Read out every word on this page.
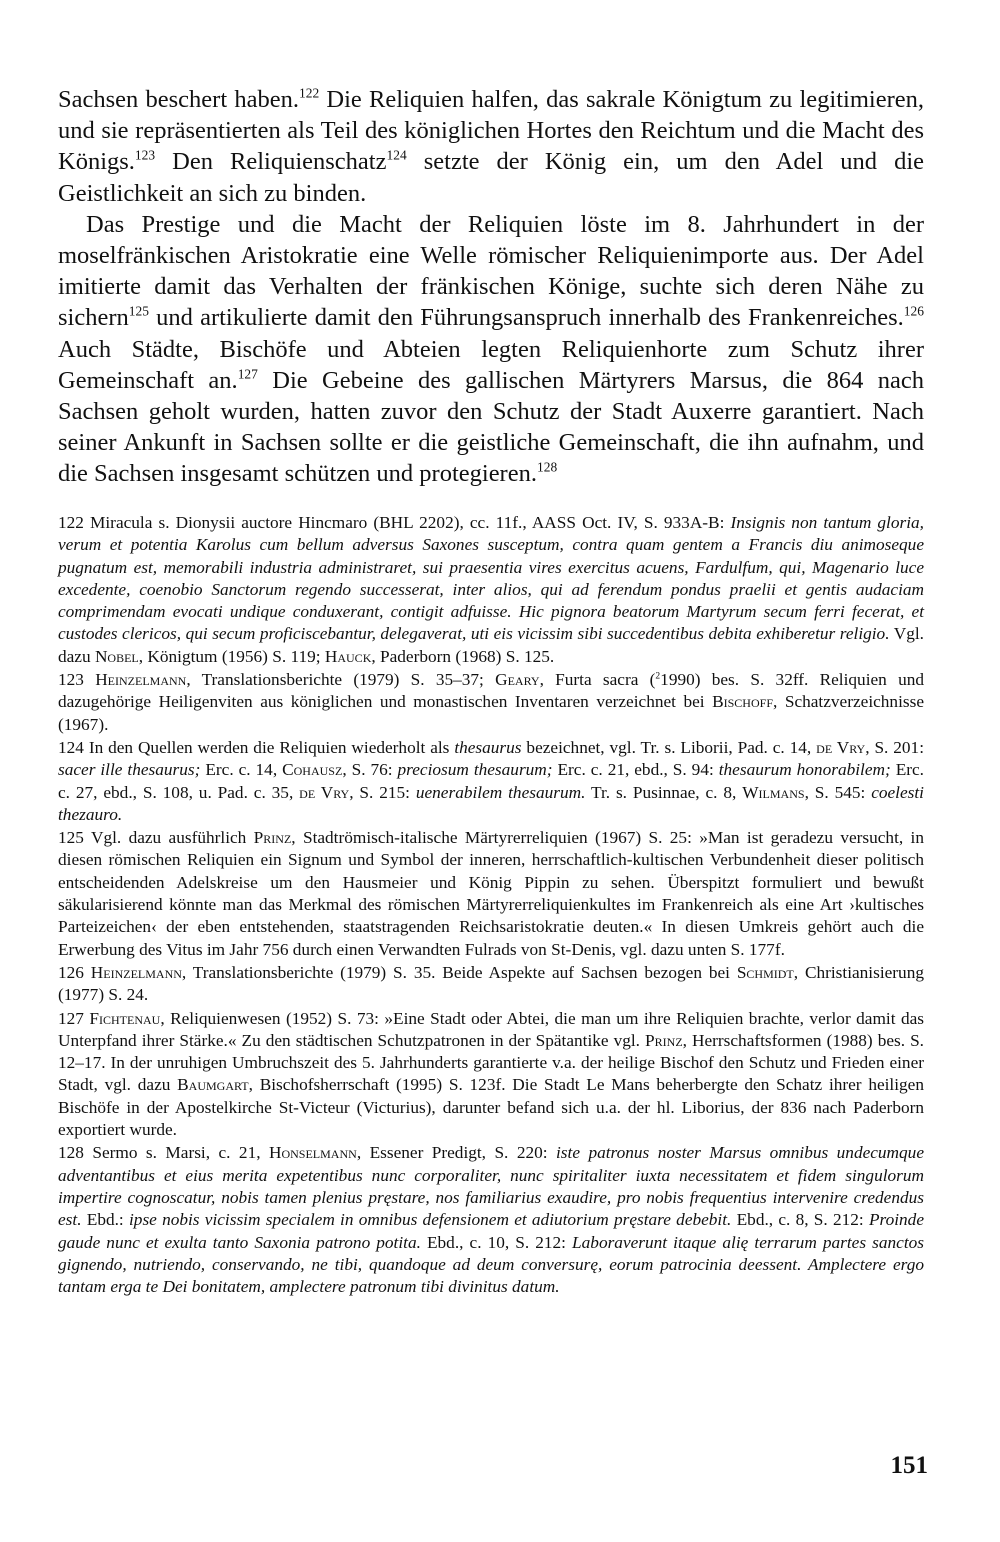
Sachsen beschert haben.$^{122}$ Die Reliquien halfen, das sakrale Königtum zu legitimieren, und sie repräsentierten als Teil des königlichen Hortes den Reichtum und die Macht des Königs.$^{123}$ Den Reliquienschatz$^{124}$ setzte der König ein, um den Adel und die Geistlichkeit an sich zu binden.

Das Prestige und die Macht der Reliquien löste im 8. Jahrhundert in der moselfränkischen Aristokratie eine Welle römischer Reliquienimporte aus. Der Adel imitierte damit das Verhalten der fränkischen Könige, suchte sich deren Nähe zu sichern$^{125}$ und artikulierte damit den Führungsanspruch innerhalb des Frankenreiches.$^{126}$ Auch Städte, Bischöfe und Abteien legten Reliquienhorte zum Schutz ihrer Gemeinschaft an.$^{127}$ Die Gebeine des gallischen Märtyrers Marsus, die 864 nach Sachsen geholt wurden, hatten zuvor den Schutz der Stadt Auxerre garantiert. Nach seiner Ankunft in Sachsen sollte er die geistliche Gemeinschaft, die ihn aufnahm, und die Sachsen insgesamt schützen und protegieren.$^{128}$

122 Miracula s. Dionysii auctore Hincmaro (BHL 2202), cc. 11f., AASS Oct. IV, S. 933A-B: Insignis non tantum gloria, verum et potentia Karolus cum bellum adversus Saxones susceptum, contra quam gentem a Francis diu animoseque pugnatum est, memorabili industria administraret, sui praesentia vires exercitus acuens, Fardulfum, qui, Magenario luce excedente, coenobio Sanctorum regendo successerat, inter alios, qui ad ferendum pondus praelii et gentis audaciam comprimendam evocati undique conduxerant, contigit adfuisse. Hic pignora beatorum Martyrum secum ferri fecerat, et custodes clericos, qui secum proficiscebantur, delegaverat, uti eis vicissim sibi succedentibus debita exhiberetur religio. Vgl. dazu Nobel, Königtum (1956) S. 119; Hauck, Paderborn (1968) S. 125.

123 Heinzelmann, Translationsberichte (1979) S. 35–37; Geary, Furta sacra ($^2$1990) bes. S. 32ff. Reliquien und dazugehörige Heiligenviten aus königlichen und monastischen Inventaren verzeichnet bei Bischoff, Schatzverzeichnisse (1967).

124 In den Quellen werden die Reliquien wiederholt als thesaurus bezeichnet, vgl. Tr. s. Liborii, Pad. c. 14, de Vry, S. 201: sacer ille thesaurus; Erc. c. 14, Cohausz, S. 76: preciosum thesaurum; Erc. c. 21, ebd., S. 94: thesaurum honorabilem; Erc. c. 27, ebd., S. 108, u. Pad. c. 35, de Vry, S. 215: uenerabilem thesaurum. Tr. s. Pusinnae, c. 8, Wilmans, S. 545: coelesti thezauro.

125 Vgl. dazu ausführlich Prinz, Stadtrömisch-italische Märtyrerreliquien (1967) S. 25: »Man ist geradezu versucht, in diesen römischen Reliquien ein Signum und Symbol der inneren, herrschaftlich-kultischen Verbundenheit dieser politisch entscheidenden Adelskreise um den Hausmeier und König Pippin zu sehen. Überspitzt formuliert und bewußt säkularisierend könnte man das Merkmal des römischen Märtyrerreliquienkultes im Frankenreich als eine Art ›kultisches Parteizeichen‹ der eben entstehenden, staatstragenden Reichsaristokratie deuten.« In diesen Umkreis gehört auch die Erwerbung des Vitus im Jahr 756 durch einen Verwandten Fulrads von St-Denis, vgl. dazu unten S. 177f.

126 Heinzelmann, Translationsberichte (1979) S. 35. Beide Aspekte auf Sachsen bezogen bei Schmidt, Christianisierung (1977) S. 24.

127 Fichtenau, Reliquienwesen (1952) S. 73: »Eine Stadt oder Abtei, die man um ihre Reliquien brachte, verlor damit das Unterpfand ihrer Stärke.« Zu den städtischen Schutzpatronen in der Spätantike vgl. Prinz, Herrschaftsformen (1988) bes. S. 12–17. In der unruhigen Umbruchszeit des 5. Jahrhunderts garantierte v.a. der heilige Bischof den Schutz und Frieden einer Stadt, vgl. dazu Baumgart, Bischofsherrschaft (1995) S. 123f. Die Stadt Le Mans beherbergte den Schatz ihrer heiligen Bischöfe in der Apostelkirche St-Victeur (Victurius), darunter befand sich u.a. der hl. Liborius, der 836 nach Paderborn exportiert wurde.

128 Sermo s. Marsi, c. 21, Honselmann, Essener Predigt, S. 220: iste patronus noster Marsus omnibus undecumque adventantibus et eius merita expetentibus nunc corporaliter, nunc spiritaliter iuxta necessitatem et fidem singulorum impertire cognoscatur, nobis tamen plenius pręstare, nos familiarius exaudire, pro nobis frequentius intervenire credendus est. Ebd.: ipse nobis vicissim specialem in omnibus defensionem et adiutorium pręstare debebit. Ebd., c. 8, S. 212: Proinde gaude nunc et exulta tanto Saxonia patrono potita. Ebd., c. 10, S. 212: Laboraverunt itaque alię terrarum partes sanctos gignendo, nutriendo, conservando, ne tibi, quandoque ad deum conversurę, eorum patrocinia deessent. Amplectere ergo tantam erga te Dei bonitatem, amplectere patronum tibi divinitus datum.

151
